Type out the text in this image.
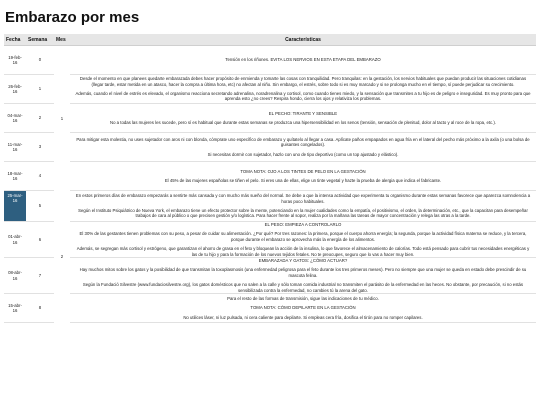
Embarazo por mes
Fecha	Semana	Mes	Características
19-feb-16	0	1	Tensión en los riñones. EVITA LOS NERVIOS EN ESTA ETAPA DEL EMBARAZO

26-feb-16	1		Desde el momento en que planees quedarte embarazada debes hacer propósito de enmienda y tomarte las cosas con tranquilidad. Pero tranquilas: en la gestación, los nervios habituales que puedan producir las situaciones cotidianas (llegar tarde, estar metida en un atasco, hacer la compra a última hora, etc) no afectan al niño. Sin embargo, el estrés, sobre todo si es muy marcado y si se prolonga mucho en el tiempo, sí puede perjudicar su crecimiento.

Además, cuando el nivel de estrés es elevado, el organismo reacciona secretando adrenalina, noradrenalina y cortisol, como cuando tienes miedo, y la sensación que transmites a tu hijo es de peligro e inseguridad. Es muy pronto para que aprenda esto ¿no crees? Respira hondo, cierra los ojos y relativiza los problemas.

04-mar-16	2		EL PECHO: TIRANTE Y SENSIBLE

No a todas las mujeres les sucede, pero sí es habitual que durante estas semanas se produzca una hipersensibilidad en los senos (tensión, sensación de plenitud, dolor al tacto y al roce de la ropa, etc.).

11-mar-16	3		Para mitigar esta molestia, no uses sujetador con aros ni con blonda, cómprate uno específico de embarazo y quítatelo al llegar a casa. Aplícate paños empapados en agua fría en el lateral del pecho más próximo a la axila (o una bolsa de guisantes congelados).

Si necesitas dormir con sujetador, hazlo con uno de tipo deportivo (como un top ajustado y elástico).

18-mar-16	4		TOMA NOTA: OJO A LOS TINTES DE PELO EN LA GESTACIÓN

El 45% de las mujeres españolas se tiñen el pelo. Si eres una de ellas, elige un tinte vegetal y hazte la prueba de alergia que indica el fabricante.

25-mar-16	5	2	En estos primeros días de embarazo empezarás a sentirte más cansada y con mucho más sueño del normal. Se debe a que la intensa actividad que experimenta tu organismo durante estas semanas favorece que aparezca somnolencia a horas poco habituales.

Según el Instituto Psiquiátrico de Nueva York, el embarazo tiene un efecto protector sobre la mente, potenciando en la mujer cualidades como la empatía, el positivismo, el orden, la determinación, etc., que la capacitan para desempeñar trabajos de cara al público o que precisen gestión y/o logística. Para hacer frente al sopor, realiza por la mañana las tareas de mayor concentración y relega las otras a la tarde.

01-abr-16	6		EL PESO: EMPIEZA A CONTROLARLO

El 30% de las gestantes tienen problemas con su peso, a pesar de cuidar su alimentación. ¿Por qué? Por tres razones: la primera, porque el cuerpo ahorra energía; la segunda, porque la actividad física materna se reduce, y la tercera, porque durante el embarazo se aprovecha más la energía de los alimentos.

Además, se segregan más cortisol y estrógeno, que garantizan el ahorro de grasa en el feto y bloquean la acción de la insulina, lo que favorece el almacenamiento de calorías. Todo está pensado para cubrir tus necesidades energéticas y las de tu hijo y para la formación de los nuevos tejidos fetales. No te preocupes, seguro que lo vas a hacer muy bien.

08-abr-16	7		EMBARAZADA Y GATOS: ¿CÓMO ACTUAR?

Hay muchos mitos sobre los gatos y la posibilidad de que transmitan la toxoplasmosis (una enfermedad peligrosa para el feto durante los tres primeros meses). Pero no siempre que una mujer se queda en estado debe prescindir de su mascota felina.

Según la Fundació Silvestre (www.fundaciosilvestre.org), los gatos domésticos que no salen a la calle y sólo toman comida industrial no transmiten el parásito de la enfermedad en las heces. No obstante, por precaución, si no estás sensibilizada contra la enfermedad, no cambies tú la arena del gato.

15-abr-16	8		Para el resto de las formas de transmisión, sigue las indicaciones de tu médico.

TOMA NOTA: CÓMO DEPILARTE EN LA GESTACIÓN

No utilices láser, ni luz pulsada, ni cera caliente para depilarte. Si empleas cera fría, dosifica el tirón para no romper capilares.
